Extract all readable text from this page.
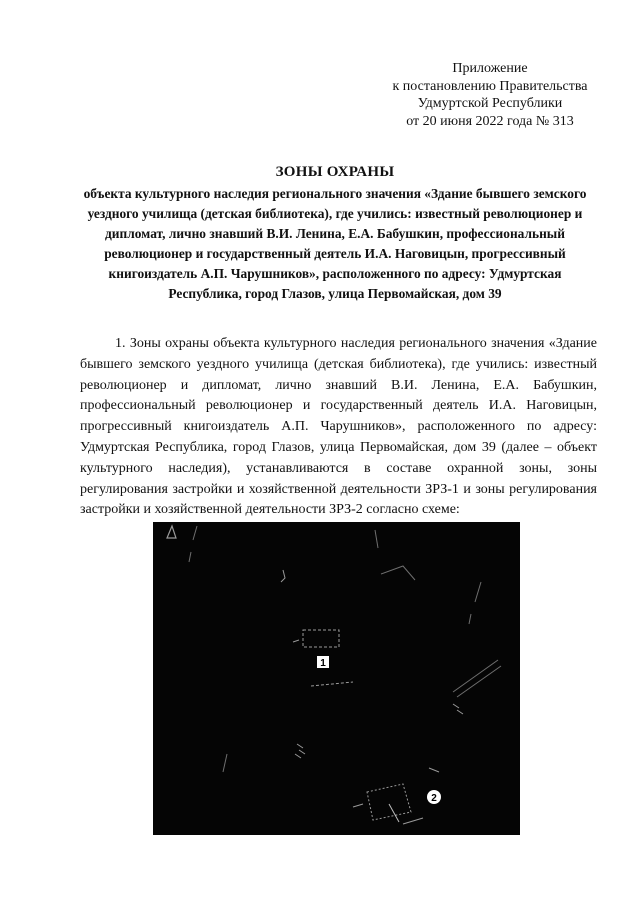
Приложение
к постановлению Правительства
Удмуртской Республики
от 20 июня 2022 года № 313
ЗОНЫ ОХРАНЫ
объекта культурного наследия регионального значения «Здание бывшего земского уездного училища (детская библиотека), где учились: известный революционер и дипломат, лично знавший В.И. Ленина, Е.А. Бабушкин, профессиональный революционер и государственный деятель И.А. Наговицын, прогрессивный книгоиздатель А.П. Чарушников», расположенного по адресу: Удмуртская Республика, город Глазов, улица Первомайская, дом 39

1. Зоны охраны объекта культурного наследия регионального значения «Здание бывшего земского уездного училища (детская библиотека), где учились: известный революционер и дипломат, лично знавший В.И. Ленина, Е.А. Бабушкин, профессиональный революционер и государственный деятель И.А. Наговицын, прогрессивный книгоиздатель А.П. Чарушников», расположенного по адресу: Удмуртская Республика, город Глазов, улица Первомайская, дом 39 (далее – объект культурного наследия), устанавливаются в составе охранной зоны, зоны регулирования застройки и хозяйственной деятельности ЗРЗ-1 и зоны регулирования застройки и хозяйственной деятельности ЗРЗ-2 согласно схеме:

1
2
